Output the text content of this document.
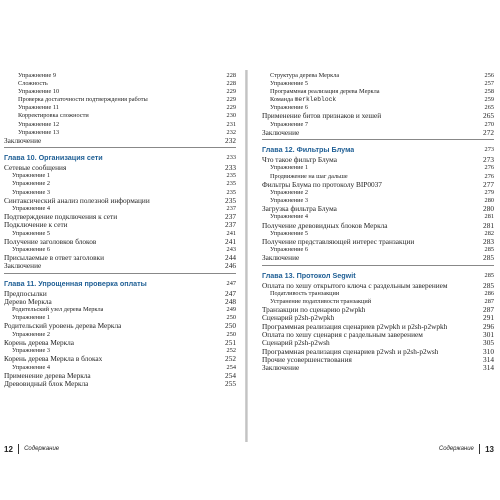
Упражнение 9	228
Сложность	228
Упражнение 10	229
Проверка достаточности подтверждения работы	229
Упражнение 11	229
Корректировка сложности	230
Упражнение 12	231
Упражнение 13	232
Заключение	232
Глава 10. Организация сети	233
Сетевые сообщения	233
Упражнение 1	235
Упражнение 2	235
Упражнение 3	235
Синтаксический анализ полезной информации	235
Упражнение 4	237
Подтверждение подключения к сети	237
Подключение к сети	237
Упражнение 5	241
Получение заголовков блоков	241
Упражнение 6	243
Присылаемые в ответ заголовки	244
Заключение	246
Глава 11. Упрощенная проверка оплаты	247
Предпосылки	247
Дерево Меркла	248
Родительский узел дерева Меркла	249
Упражнение 1	250
Родительский уровень дерева Меркла	250
Упражнение 2	250
Корень дерева Меркла	251
Упражнение 3	252
Корень дерева Меркла в блоках	252
Упражнение 4	254
Применение дерева Меркла	254
Древовидный блок Меркла	255
Структура дерева Меркла	256
Упражнение 5	257
Программная реализация дерева Меркла	258
Команда merkleblock	259
Упражнение 6	265
Применение битов признаков и хешей	265
Упражнение 7	270
Заключение	272
Глава 12. Фильтры Блума	273
Что такое фильтр Блума	273
Упражнение 1	276
Продвижение на шаг дальше	276
Фильтры Блума по протоколу BIP0037	277
Упражнение 2	279
Упражнение 3	280
Загрузка фильтра Блума	280
Упражнение 4	281
Получение древовидных блоков Меркла	281
Упражнение 5	282
Получение представляющей интерес транзакции	283
Упражнение 6	285
Заключение	285
Глава 13. Протокол Segwit	285
Оплата по хешу открытого ключа с раздельным заверением	285
Податливость транзакции	286
Устранение податливости транзакций	287
Транзакции по сценарию p2wpkh	287
Сценарий p2sh-p2wpkh	291
Программная реализация сценариев p2wpkh и p2sh-p2wpkh	296
Оплата по хешу сценария с раздельным заверением	301
Сценарий p2sh-p2wsh	305
Программная реализация сценариев p2wsh и p2sh-p2wsh	310
Прочие усовершенствования	314
Заключение	314
12 Содержание	Содержание 13
